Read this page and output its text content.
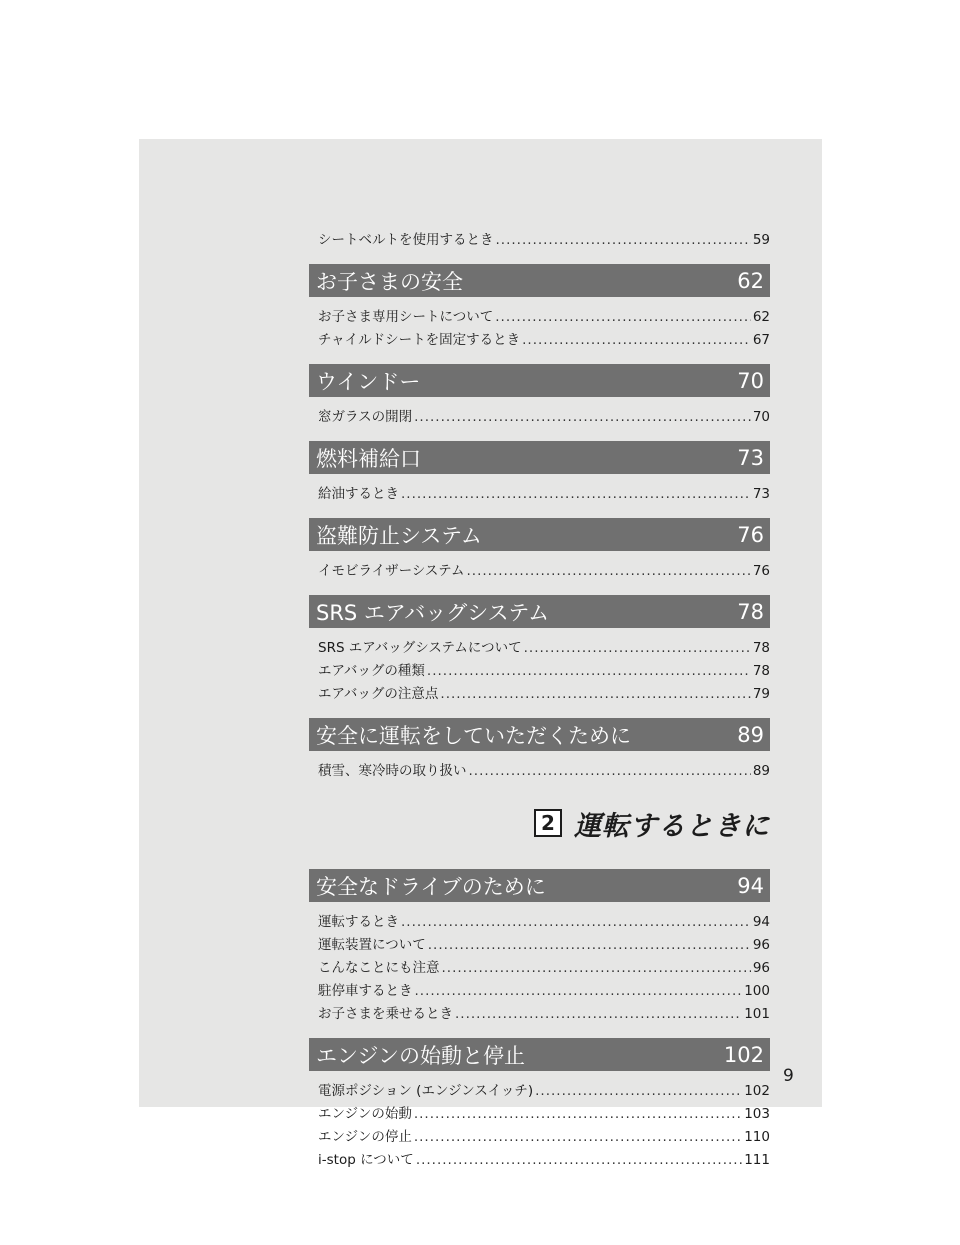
シートベルトを使用するとき .....	59
お子さまの安全	62
お子さま専用シートについて .....	62
チャイルドシートを固定するとき .....	67
ウインドー	70
窓ガラスの開閉 .....	70
燃料補給口	73
給油するとき .....	73
盗難防止システム	76
イモビライザーシステム .....	76
SRS エアバッグシステム	78
SRS エアバッグシステムについて .....	78
エアバッグの種類 .....	78
エアバッグの注意点 .....	79
安全に運転をしていただくために	89
積雪、寒冷時の取り扱い .....	89
2 運転するときに
安全なドライブのために	94
運転するとき .....	94
運転装置について .....	96
こんなことにも注意 .....	96
駐停車するとき .....	100
お子さまを乗せるとき .....	101
エンジンの始動と停止	102
電源ポジション (エンジンスイッチ) .....	102
エンジンの始動 .....	103
エンジンの停止 .....	110
i-stop について .....	111
9
